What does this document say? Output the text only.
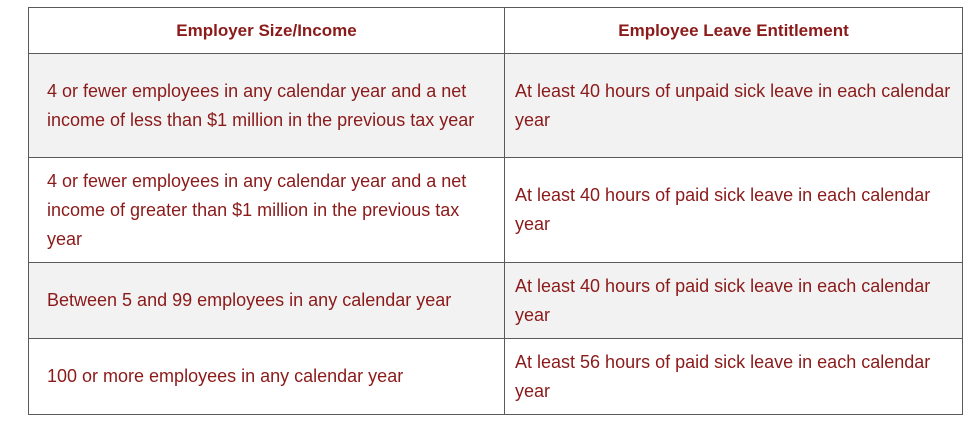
Employer Size/Income	Employee Leave Entitlement
4 or fewer employees in any calendar year and a net income of less than $1 million in the previous tax year	At least 40 hours of unpaid sick leave in each calendar year
4 or fewer employees in any calendar year and a net income of greater than $1 million in the previous tax year	At least 40 hours of paid sick leave in each calendar year
Between 5 and 99 employees in any calendar year	At least 40 hours of paid sick leave in each calendar year
100 or more employees in any calendar year	At least 56 hours of paid sick leave in each calendar year
